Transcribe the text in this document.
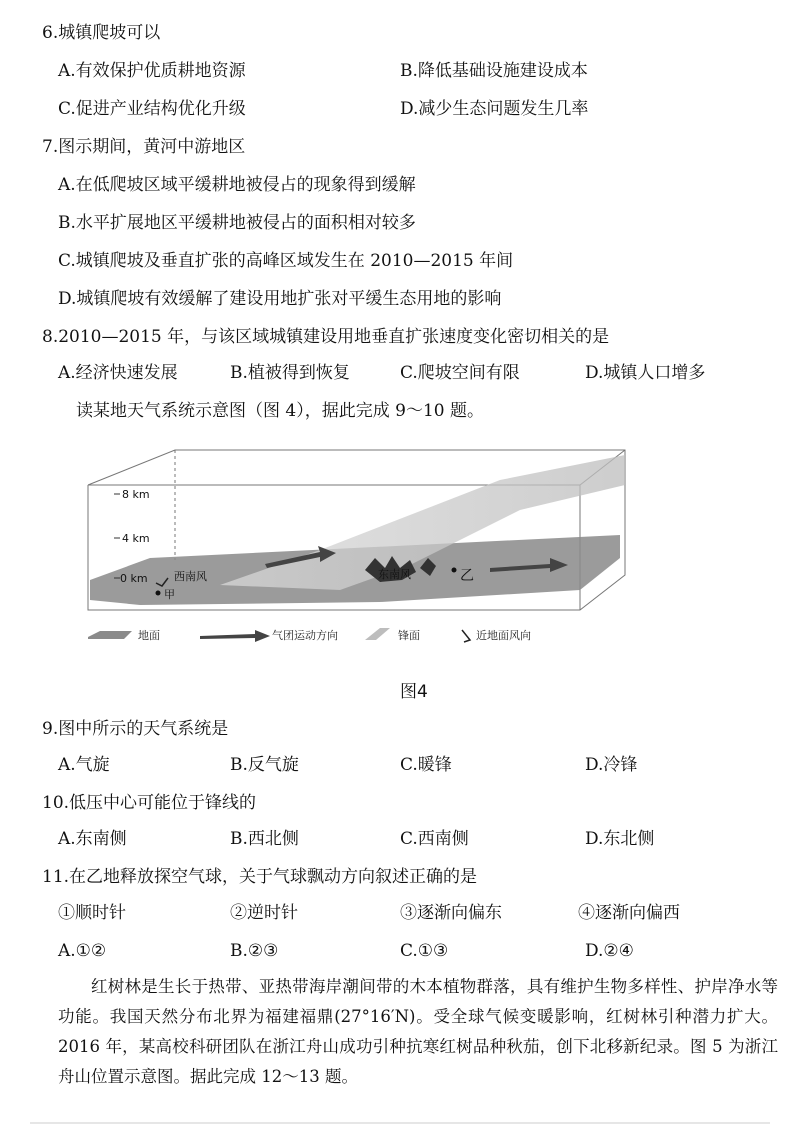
6.城镇爬坡可以
A.有效保护优质耕地资源	B.降低基础设施建设成本
C.促进产业结构优化升级	D.减少生态问题发生几率
7.图示期间，黄河中游地区
A.在低爬坡区域平缓耕地被侵占的现象得到缓解
B.水平扩展地区平缓耕地被侵占的面积相对较多
C.城镇爬坡及垂直扩张的高峰区域发生在 2010—2015 年间
D.城镇爬坡有效缓解了建设用地扩张对平缓生态用地的影响
8.2010—2015 年，与该区域城镇建设用地垂直扩张速度变化密切相关的是
A.经济快速发展	B.植被得到恢复	C.爬坡空间有限	D.城镇人口增多
读某地天气系统示意图（图 4），据此完成 9～10 题。
8 km
4 km
0 km 西南风
甲
东南风	乙
地面	气团运动方向	锋面	近地面风向
图4
9.图中所示的天气系统是
A.气旋	B.反气旋	C.暖锋	D.冷锋
10.低压中心可能位于锋线的
A.东南侧	B.西北侧	C.西南侧	D.东北侧
11.在乙地释放探空气球，关于气球飘动方向叙述正确的是
①顺时针	②逆时针	③逐渐向偏东	④逐渐向偏西
A.①②	B.②③	C.①③	D.②④
红树林是生长于热带、亚热带海岸潮间带的木本植物群落，具有维护生物多样性、护岸净水等功能。我国天然分布北界为福建福鼎(27°16′N)。受全球气候变暖影响，红树林引种潜力扩大。2016 年，某高校科研团队在浙江舟山成功引种抗寒红树品种秋茄，创下北移新纪录。图 5 为浙江舟山位置示意图。据此完成 12～13 题。
